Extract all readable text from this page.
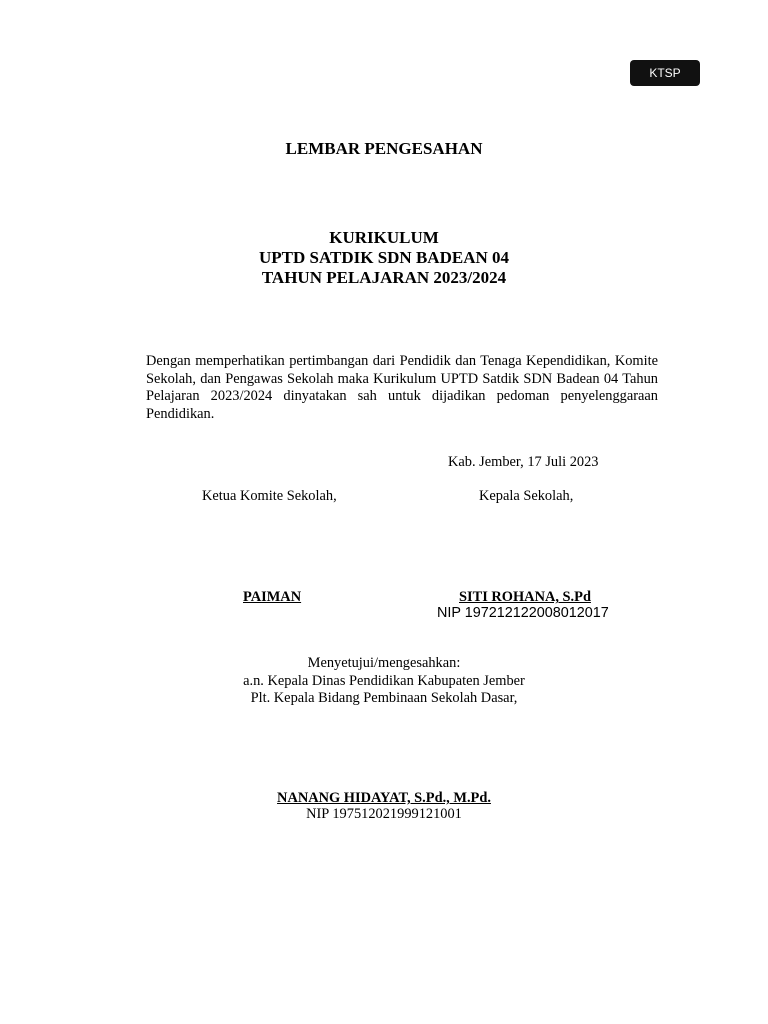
KTSP
LEMBAR PENGESAHAN
KURIKULUM
UPTD SATDIK SDN BADEAN 04
TAHUN PELAJARAN 2023/2024
Dengan memperhatikan pertimbangan dari Pendidik dan Tenaga Kependidikan, Komite Sekolah, dan Pengawas Sekolah maka Kurikulum UPTD Satdik SDN Badean 04 Tahun Pelajaran 2023/2024 dinyatakan sah untuk dijadikan pedoman penyelenggaraan Pendidikan.
Kab. Jember, 17 Juli 2023
Ketua Komite Sekolah,	Kepala Sekolah,
PAIMAN	SITI ROHANA, S.Pd
NIP 197212122008012017
Menyetujui/mengesahkan:
a.n. Kepala Dinas Pendidikan Kabupaten Jember
Plt. Kepala Bidang Pembinaan Sekolah Dasar,
NANANG HIDAYAT, S.Pd., M.Pd.
NIP 197512021999121001
